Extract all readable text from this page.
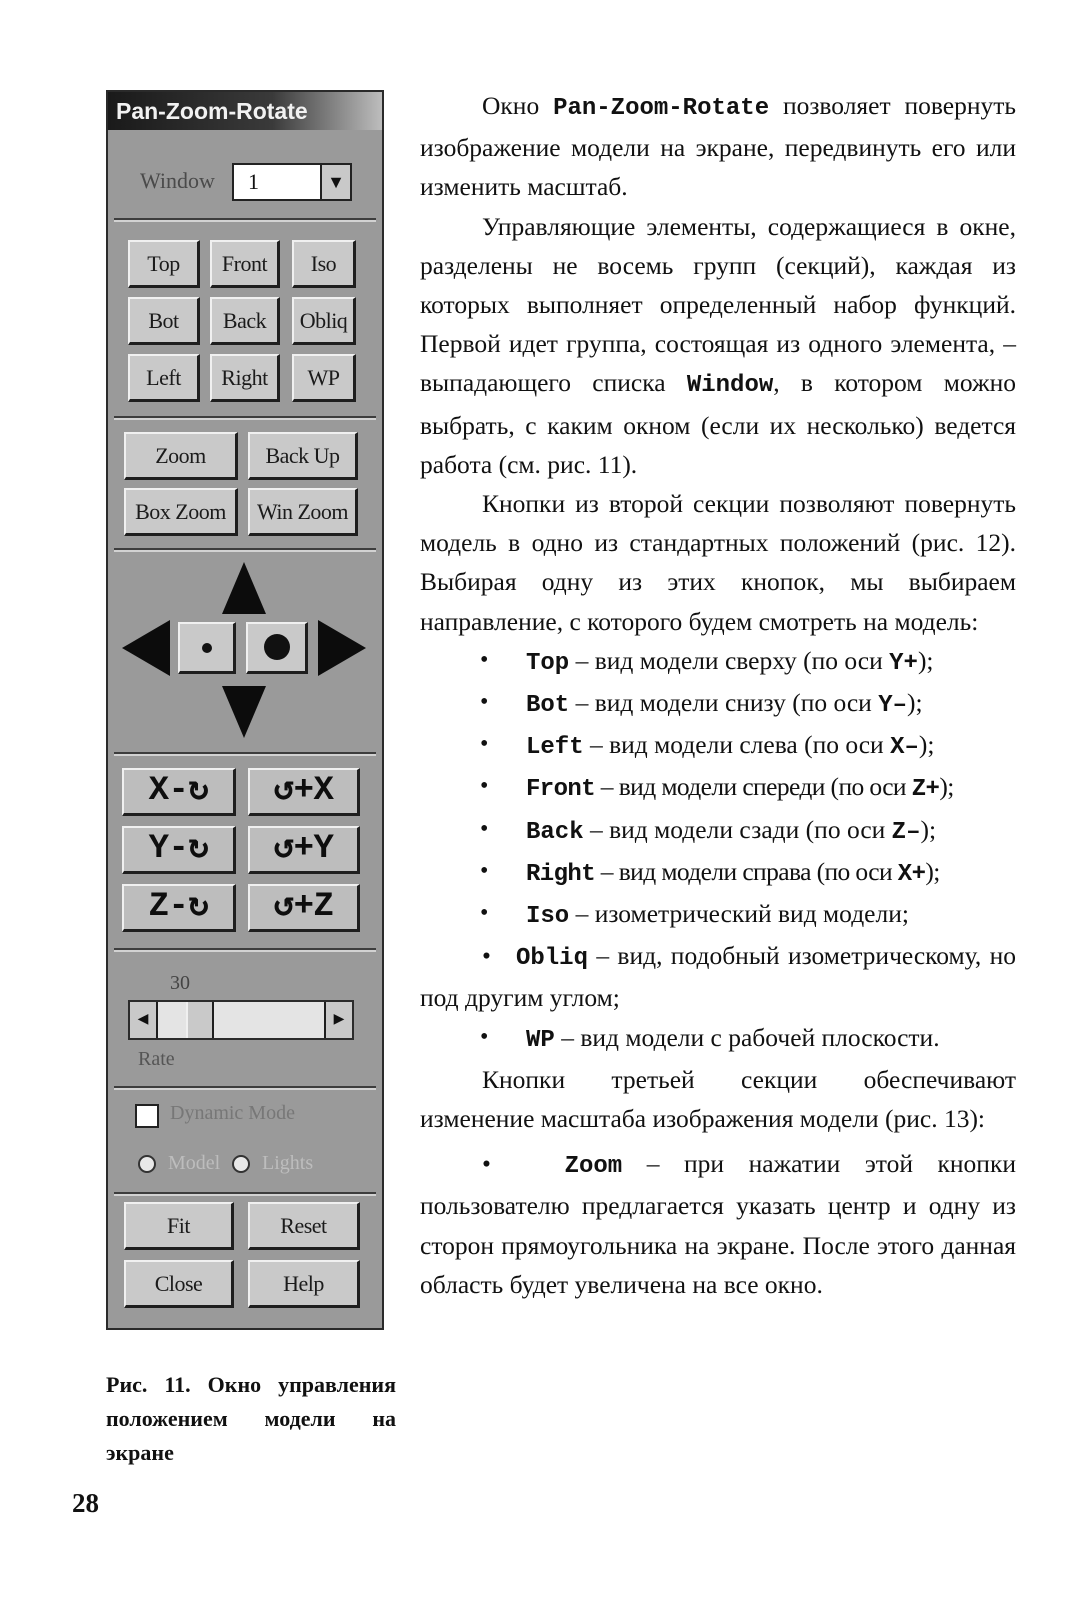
Pan-Zoom-Rotate
Window	1	▼
Top	Front	Iso
Bot	Back	Obliq
Left	Right	WP
Zoom	Back Up
Box Zoom	Win Zoom
X-↻	↺+X
Y-↻	↺+Y
Z-↻	↺+Z
30
◀	▶
Rate
Dynamic Mode
Model Lights
Fit	Reset
Close	Help
Рис. 11. Окно управления положением модели на экране
28

Окно Pan-Zoom-Rotate позволяет повернуть изображение модели на экране, передвинуть его или изменить масштаб.

Управляющие элементы, содержащиеся в окне, разделены не восемь групп (секций), каждая из которых выполняет определенный набор функций. Первой идет группа, состоящая из одного элемента, – выпадающего списка Window, в котором можно выбрать, с каким окном (если их несколько) ведется работа (см. рис. 11).

Кнопки из второй секции позволяют повернуть модель в одно из стандартных положений (рис. 12). Выбирая одну из этих кнопок, мы выбираем направление, с которого будем смотреть на модель:

• Top – вид модели сверху (по оси Y+);
• Bot – вид модели снизу (по оси Y–);
• Left – вид модели слева (по оси X–);
• Front – вид модели спереди (по оси Z+);
• Back – вид модели сзади (по оси Z–);
• Right – вид модели справа (по оси X+);
• Iso – изометрический вид модели;

•   Obliq – вид, подобный изометрическому, но под другим углом;

• WP – вид модели с рабочей плоскости.

Кнопки третьей секции обеспечивают изменение масштаба изображения модели (рис. 13):

•   Zoom – при нажатии этой кнопки пользователю предлагается указать центр и одну из сторон прямоугольника на экране. После этого данная область будет увеличена на все окно.
